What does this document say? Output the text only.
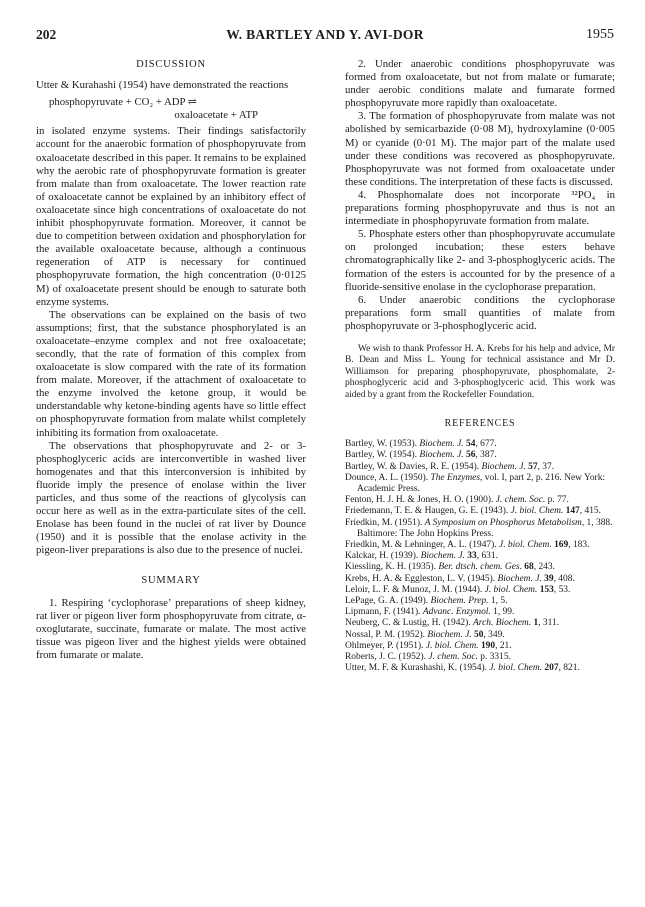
202	W. BARTLEY AND Y. AVI-DOR	1955
DISCUSSION

Utter & Kurahashi (1954) have demonstrated the reactions

phosphopyruvate + CO₂ + ADP ⇌
oxaloacetate + ATP

in isolated enzyme systems. Their findings satisfactorily account for the anaerobic formation of phosphopyruvate from oxaloacetate described in this paper. It remains to be explained why the aerobic rate of phosphopyruvate formation is greater from malate than from oxaloacetate. The lower reaction rate of oxaloacetate cannot be explained by an inhibitory effect of oxaloacetate since high concentrations of oxaloacetate do not inhibit phosphopyruvate formation. Moreover, it cannot be due to competition between oxidation and phosphorylation for the available oxaloacetate because, although a continuous regeneration of ATP is necessary for continued phosphopyruvate formation, the high concentration (0·0125 M) of oxaloacetate present should be enough to saturate both enzyme systems.

The observations can be explained on the basis of two assumptions; first, that the substance phosphorylated is an oxaloacetate–enzyme complex and not free oxaloacetate; secondly, that the rate of formation of this complex from oxaloacetate is slow compared with the rate of its formation from malate. Moreover, if the attachment of oxaloacetate to the enzyme involved the ketone group, it would be understandable why ketone-binding agents have so little effect on phosphopyruvate formation from malate whilst completely inhibiting its formation from oxaloacetate.

The observations that phosphopyruvate and 2- or 3-phosphoglyceric acids are interconvertible in washed liver homogenates and that this interconversion is inhibited by fluoride imply the presence of enolase within the liver particles, and thus some of the reactions of glycolysis can occur here as well as in the extra-particulate sites of the cell. Enolase has been found in the nuclei of rat liver by Dounce (1950) and it is possible that the enolase activity in the pigeon-liver preparations is also due to the presence of nuclei.

SUMMARY

1. Respiring ‘cyclophorase’ preparations of sheep kidney, rat liver or pigeon liver form phosphopyruvate from citrate, α-oxoglutarate, succinate, fumarate or malate. The most active tissue was pigeon liver and the highest yields were obtained from fumarate or malate.

2. Under anaerobic conditions phosphopyruvate was formed from oxaloacetate, but not from malate or fumarate; under aerobic conditions malate and fumarate formed phosphopyruvate more rapidly than oxaloacetate.

3. The formation of phosphopyruvate from malate was not abolished by semicarbazide (0·08 M), hydroxylamine (0·005 M) or cyanide (0·01 M). The major part of the malate used under these conditions was recovered as phosphopyruvate. Phosphopyruvate was not formed from oxaloacetate under these conditions. The interpretation of these facts is discussed.

4. Phosphomalate does not incorporate ³²PO₄ in preparations forming phosphopyruvate and thus is not an intermediate in phosphopyruvate formation from malate.

5. Phosphate esters other than phosphopyruvate accumulate on prolonged incubation; these esters behave chromatographically like 2- and 3-phosphoglyceric acids. The formation of the esters is accounted for by the presence of a fluoride-sensitive enolase in the cyclophorase preparation.

6. Under anaerobic conditions the cyclophorase preparations form small quantities of malate from phosphopyruvate or 3-phosphoglyceric acid.

We wish to thank Professor H. A. Krebs for his help and advice, Mr B. Dean and Miss L. Young for technical assistance and Mr D. Williamson for preparing phosphopyruvate, phosphomalate, 2-phosphoglyceric acid and 3-phosphoglyceric acid. This work was aided by a grant from the Rockefeller Foundation.

REFERENCES
Bartley, W. (1953). Biochem. J. 54, 677.
Bartley, W. (1954). Biochem. J. 56, 387.
Bartley, W. & Davies, R. E. (1954). Biochem. J. 57, 37.
Dounce, A. L. (1950). The Enzymes, vol. I, part 2, p. 216. New York: Academic Press.
Fenton, H. J. H. & Jones, H. O. (1900). J. chem. Soc. p. 77.
Friedemann, T. E. & Haugen, G. E. (1943). J. biol. Chem. 147, 415.
Friedkin, M. (1951). A Symposium on Phosphorus Metabolism, 1, 388. Baltimore: The John Hopkins Press.
Friedkin, M. & Lehninger, A. L. (1947). J. biol. Chem. 169, 183.
Kalckar, H. (1939). Biochem. J. 33, 631.
Kiessling, K. H. (1935). Ber. dtsch. chem. Ges. 68, 243.
Krebs, H. A. & Eggleston, L. V. (1945). Biochem. J. 39, 408.
Leloir, L. F. & Munoz, J. M. (1944). J. biol. Chem. 153, 53.
LePage, G. A. (1949). Biochem. Prep. 1, 5.
Lipmann, F. (1941). Advanc. Enzymol. 1, 99.
Neuberg, C. & Lustig, H. (1942). Arch. Biochem. 1, 311.
Nossal, P. M. (1952). Biochem. J. 50, 349.
Ohlmeyer, P. (1951). J. biol. Chem. 190, 21.
Roberts, J. C. (1952). J. chem. Soc. p. 3315.
Utter, M. F. & Kurashashi, K. (1954). J. biol. Chem. 207, 821.
